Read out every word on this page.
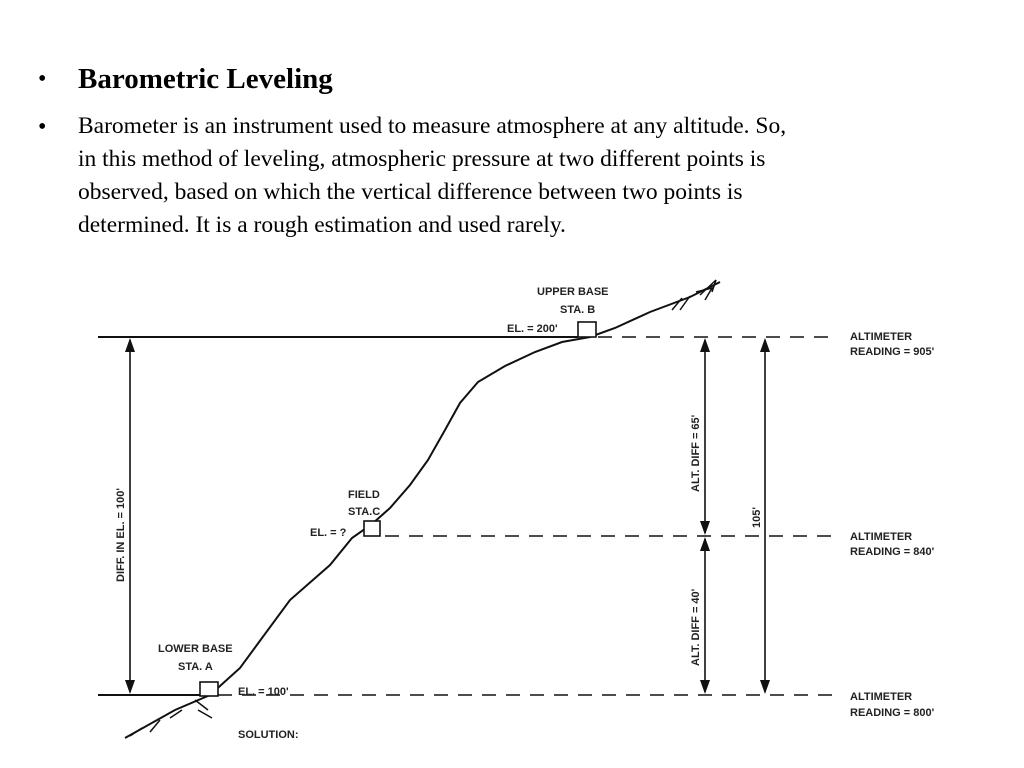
•	Barometric Leveling
•	Barometer is an instrument used to measure atmosphere at any altitude. So,
in this method of leveling, atmospheric pressure at two different points is
observed, based on which the vertical difference between two points is
determined. It is a rough estimation and used rarely.
UPPER BASE
STA. B
EL. = 200'
FIELD
STA.C
EL. = ?
LOWER BASE
STA. A
EL. = 100'
DIFF. IN EL. = 100'
ALT. DIFF = 65'
ALT. DIFF = 40'
105'
ALTIMETER
READING = 905'
ALTIMETER
READING = 840'
ALTIMETER
READING = 800'
SOLUTION:
